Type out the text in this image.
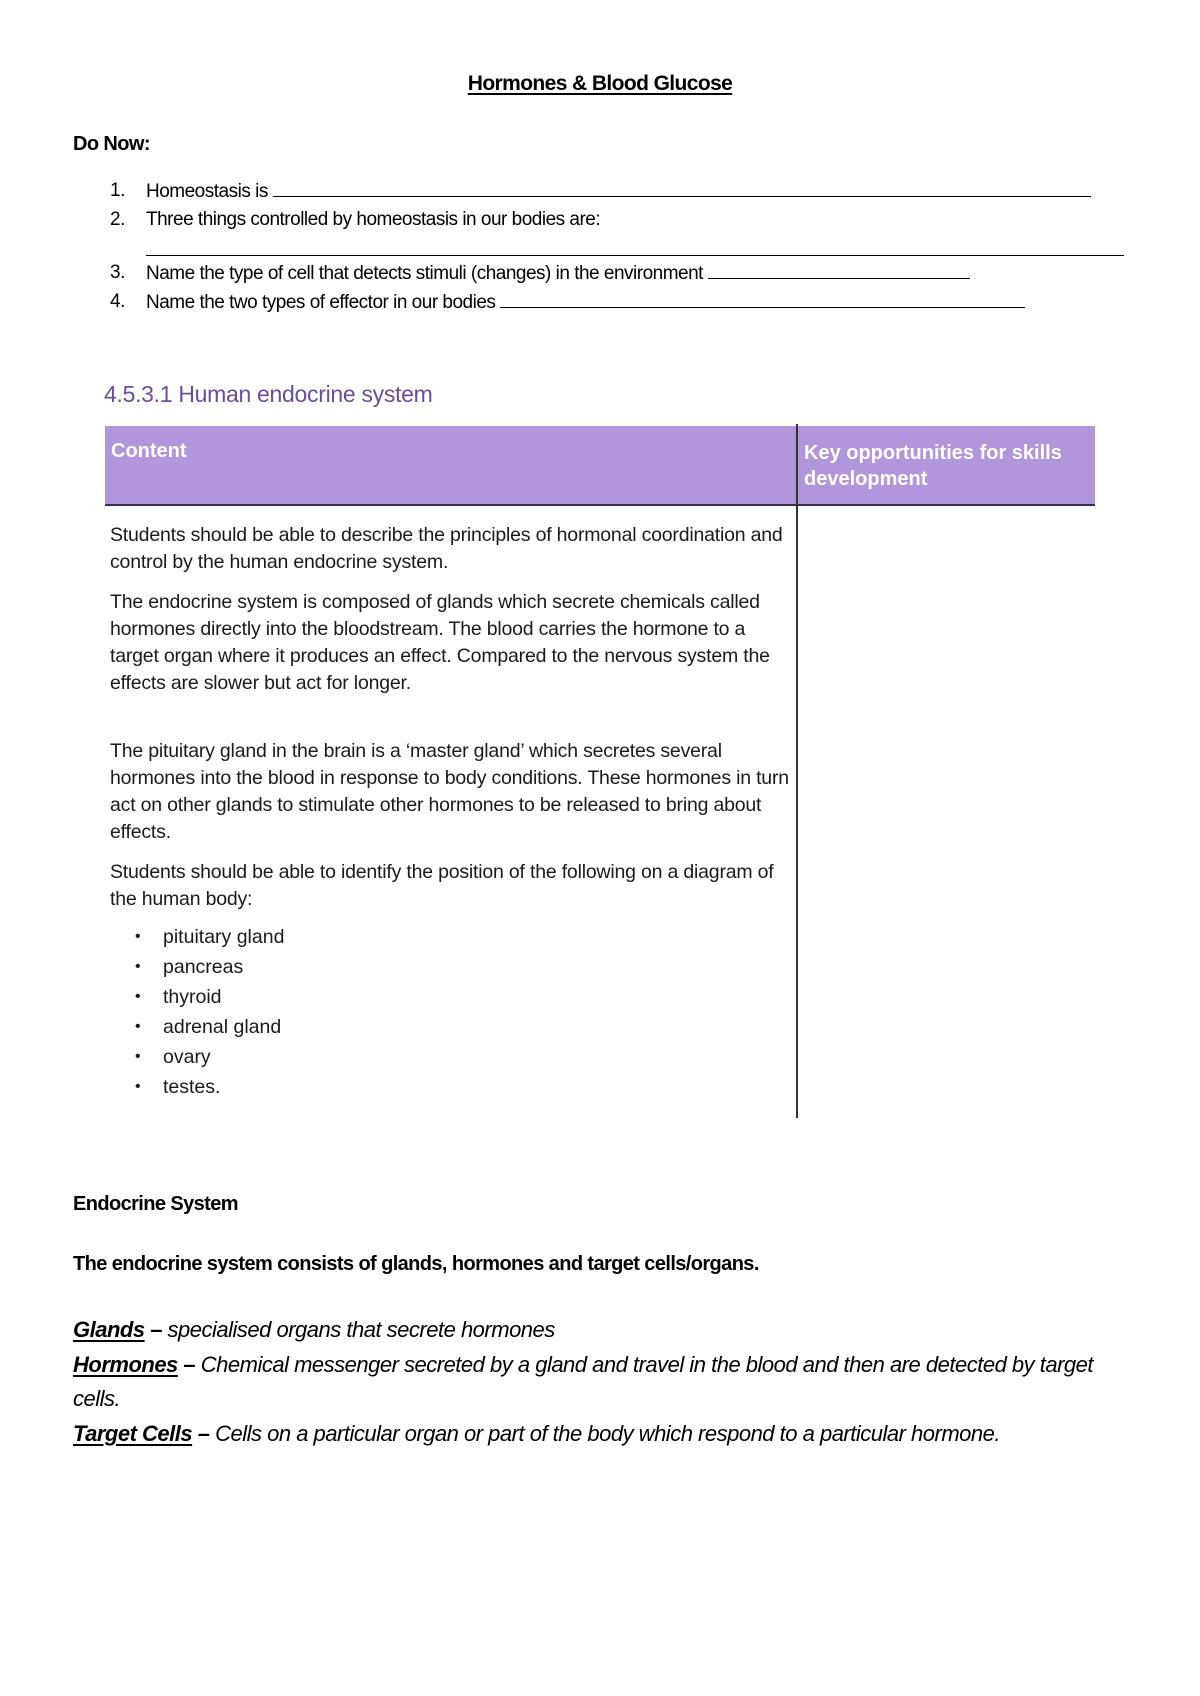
Hormones & Blood Glucose
Do Now:
1. Homeostasis is
2. Three things controlled by homeostasis in our bodies are:
3. Name the type of cell that detects stimuli (changes) in the environment
4. Name the two types of effector in our bodies
4.5.3.1 Human endocrine system
Content	Key opportunities for skills development
Students should be able to describe the principles of hormonal coordination and control by the human endocrine system.
The endocrine system is composed of glands which secrete chemicals called hormones directly into the bloodstream. The blood carries the hormone to a target organ where it produces an effect. Compared to the nervous system the effects are slower but act for longer.
The pituitary gland in the brain is a ‘master gland’ which secretes several hormones into the blood in response to body conditions. These hormones in turn act on other glands to stimulate other hormones to be released to bring about effects.
Students should be able to identify the position of the following on a diagram of the human body:
• pituitary gland
• pancreas
• thyroid
• adrenal gland
• ovary
• testes.
Endocrine System
The endocrine system consists of glands, hormones and target cells/organs.
Glands – specialised organs that secrete hormones
Hormones – Chemical messenger secreted by a gland and travel in the blood and then are detected by target cells.
Target Cells – Cells on a particular organ or part of the body which respond to a particular hormone.
